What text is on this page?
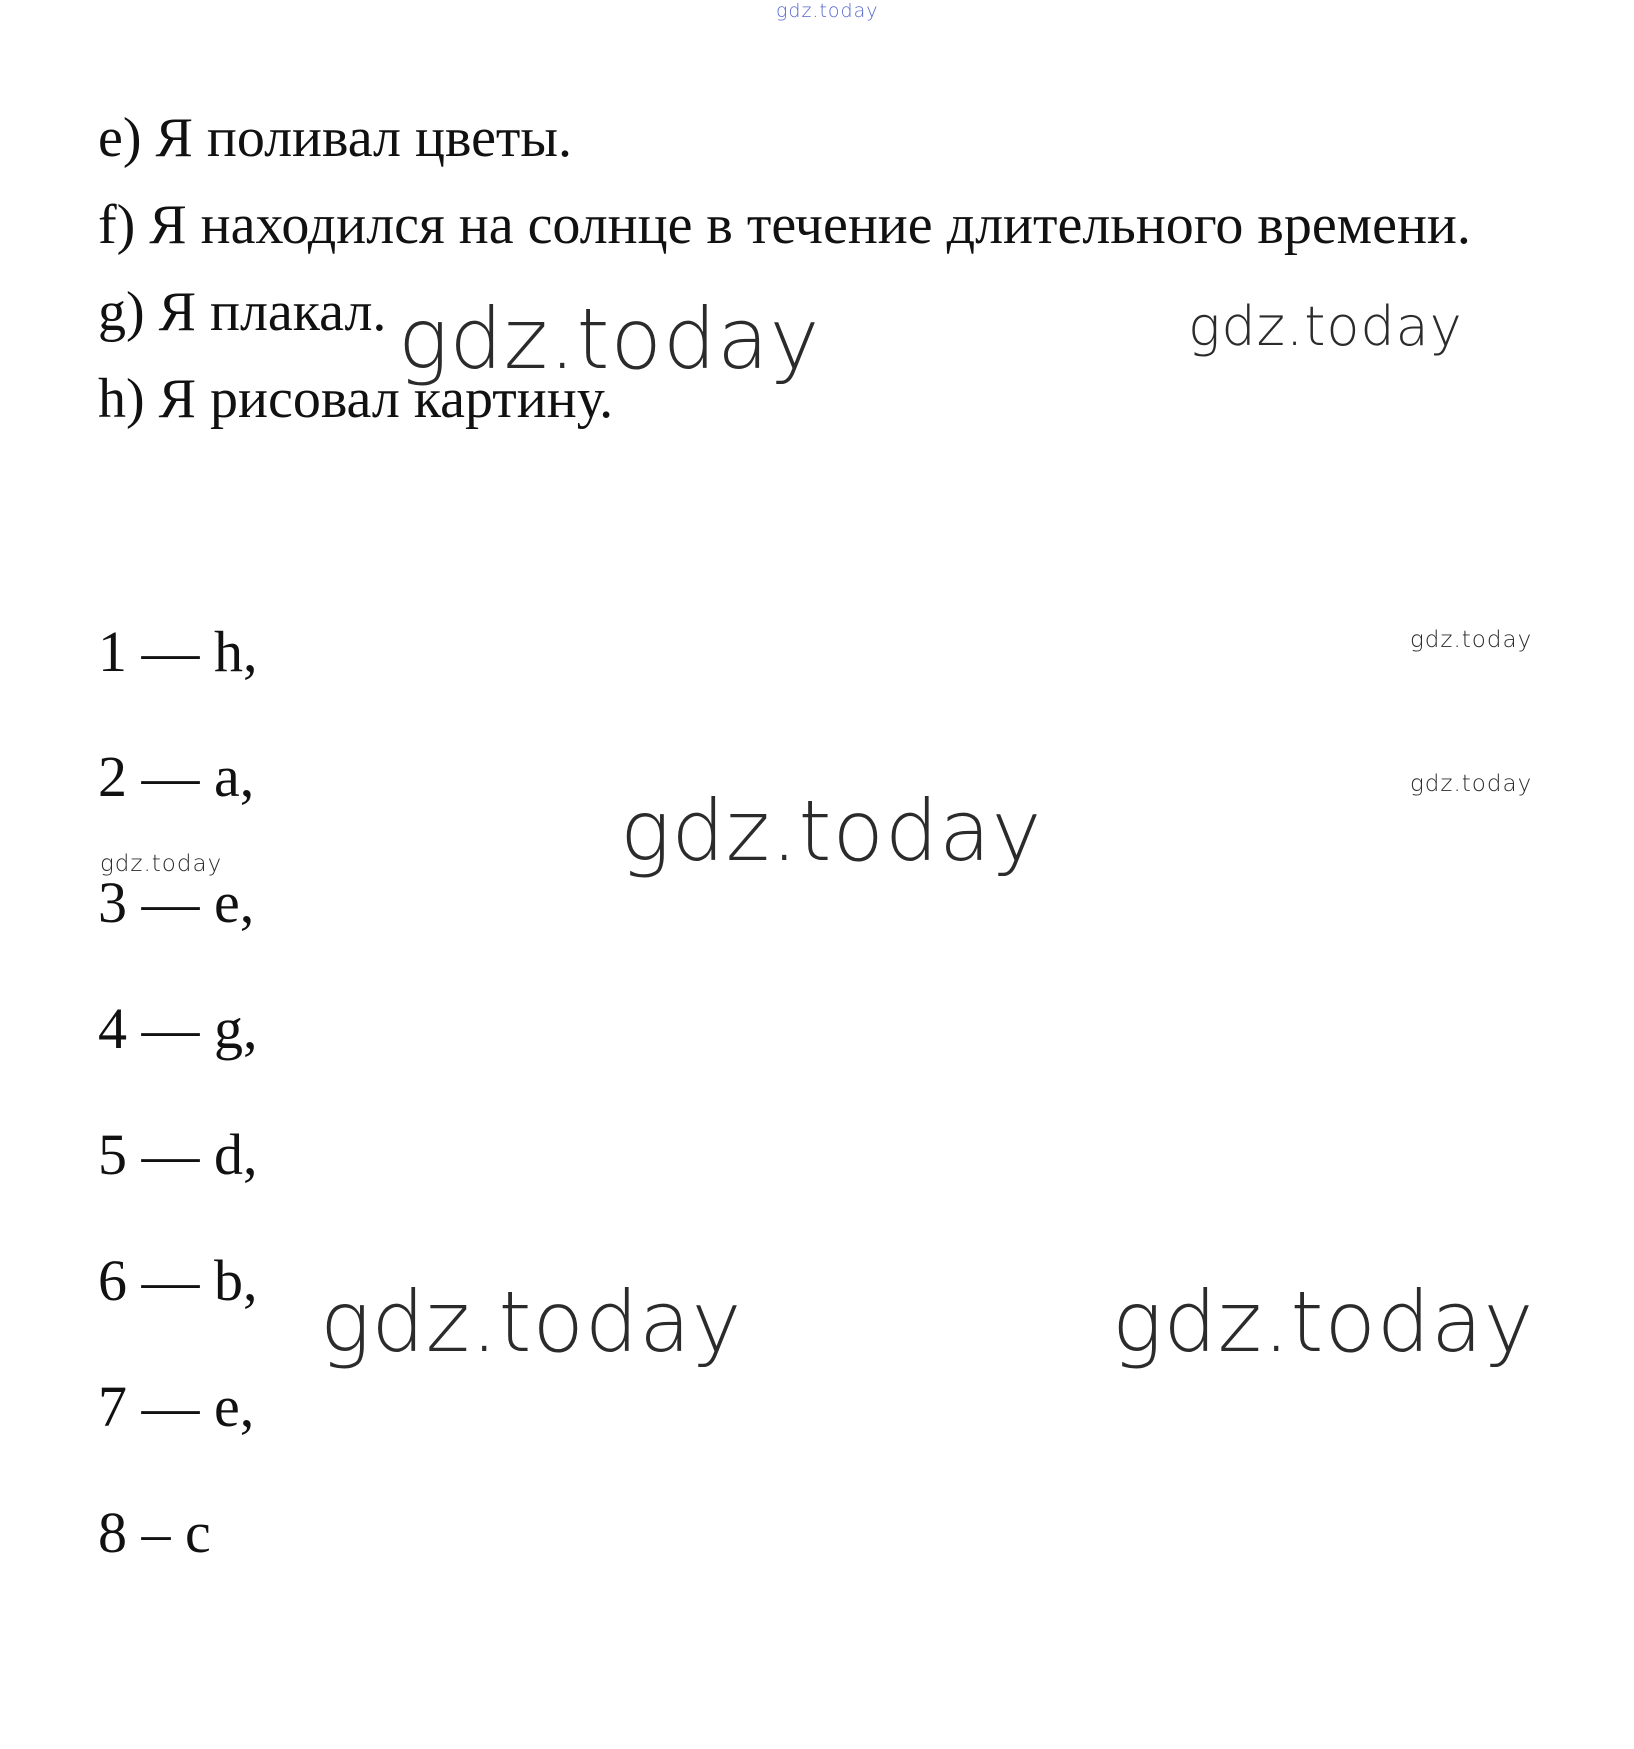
gdz.today
e) Я поливал цветы.
f) Я находился на солнце в течение длительного времени.
g) Я плакал.
h) Я рисовал картину.
1 — h,
2 — a,
3 — e,
4 — g,
5 — d,
6 — b,
7 — e,
8 – c
gdz.today	gdz.today
gdz.today
gdz.today
gdz.today	gdz.today
gdz.today	gdz.today
